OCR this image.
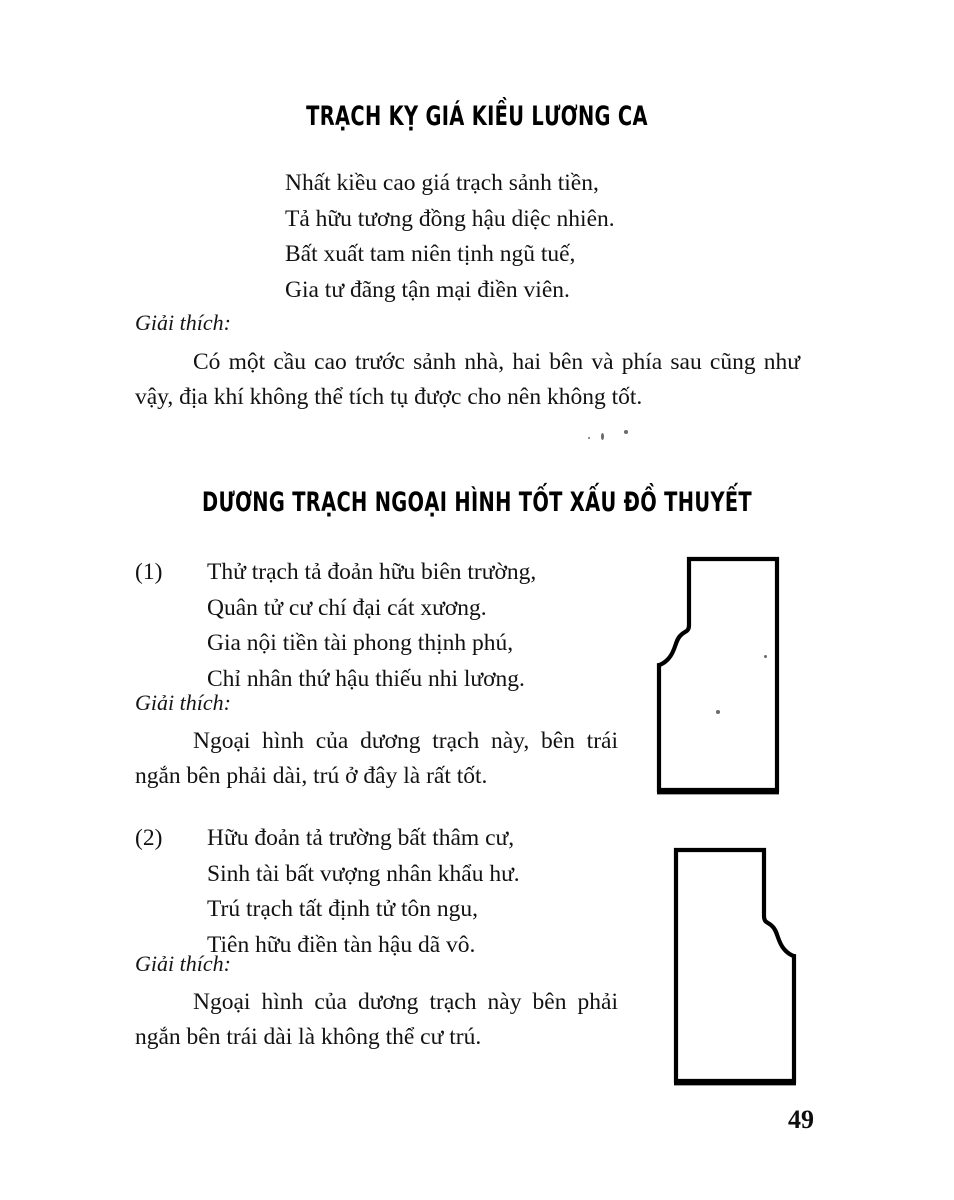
TRẠCH KỴ GIÁ KIỀU LƯƠNG CA
Nhất kiều cao giá trạch sảnh tiền,
Tả hữu tương đồng hậu diệc nhiên.
Bất xuất tam niên tịnh ngũ tuế,
Gia tư đãng tận mại điền viên.
Giải thích:
Có một cầu cao trước sảnh nhà, hai bên và phía sau cũng như vậy, địa khí không thể tích tụ được cho nên không tốt.
DƯƠNG TRẠCH NGOẠI HÌNH TỐT XẤU ĐỒ THUYẾT
(1)	Thử trạch tả đoản hữu biên trường,
Quân tử cư chí đại cát xương.
Gia nội tiền tài phong thịnh phú,
Chỉ nhân thứ hậu thiếu nhi lương.
Giải thích:
Ngoại hình của dương trạch này, bên trái ngắn bên phải dài, trú ở đây là rất tốt.
(2)	Hữu đoản tả trường bất thâm cư,
Sinh tài bất vượng nhân khẩu hư.
Trú trạch tất định tử tôn ngu,
Tiên hữu điền tàn hậu dã vô.
Giải thích:
Ngoại hình của dương trạch này bên phải ngắn bên trái dài là không thể cư trú.
49
